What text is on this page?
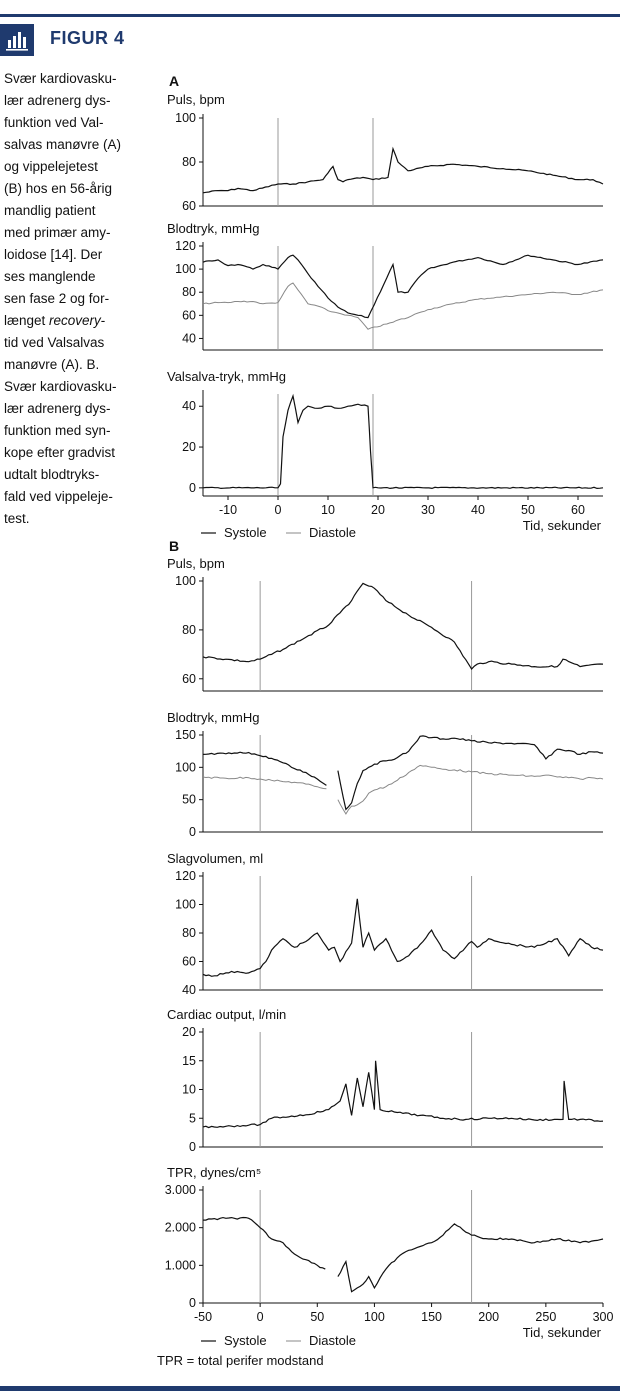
FIGUR 4
Svær kardiovasku-
lær adrenerg dys-
funktion ved Val-
salvas manøvre (A)
og vippelejetest
(B) hos en 56-årig
mandlig patient
med primær amy-
loidose [14]. Der
ses manglende
sen fase 2 og for-
længet recovery-
tid ved Valsalvas
manøvre (A). B.
Svær kardiovasku-
lær adrenerg dys-
funktion med syn-
kope efter gradvist
udtalt blodtryks-
fald ved vippeleje-
test.
Puls, bpm
60
80
100
Blodtryk, mmHg
40
60
80
100
120
Valsalva-tryk, mmHg
0
20
40
-10	0	10	20	30	40	50	60
Tid, sekunder
Puls, bpm
60
80
100
Blodtryk, mmHg
0
50
100
150
Slagvolumen, ml
40
60
80
100
120
Cardiac output, l/min
0
5
10
15
20
TPR, dynes/cm⁵
0
1.000
2.000
3.000
-50	0	50	100	150	200	250	300
Tid, sekunder
A
B
Systole	Diastole
Systole	Diastole
TPR = total perifer modstand
